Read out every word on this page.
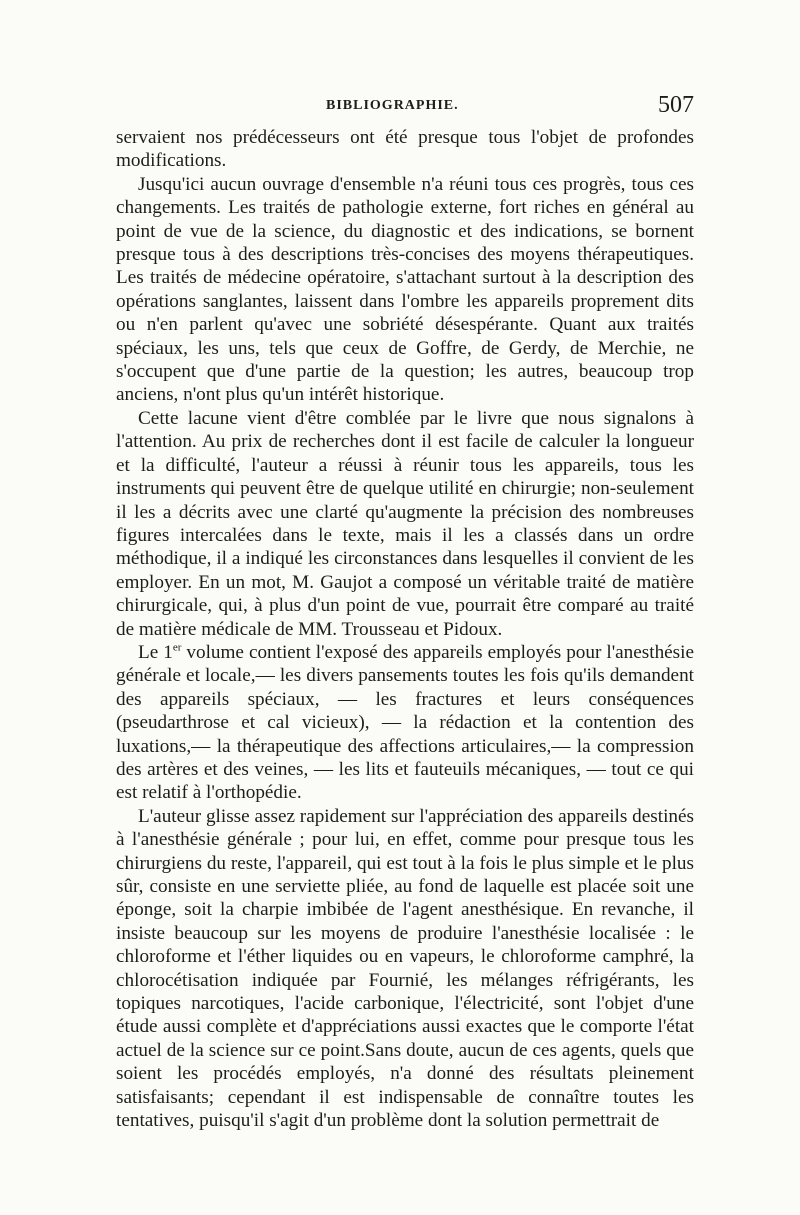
BIBLIOGRAPHIE.	507

servaient nos prédécesseurs ont été presque tous l'objet de profondes modifications.

Jusqu'ici aucun ouvrage d'ensemble n'a réuni tous ces progrès, tous ces changements. Les traités de pathologie externe, fort riches en général au point de vue de la science, du diagnostic et des indications, se bornent presque tous à des descriptions très-concises des moyens thérapeutiques. Les traités de médecine opératoire, s'attachant surtout à la description des opérations sanglantes, laissent dans l'ombre les appareils proprement dits ou n'en parlent qu'avec une sobriété désespérante. Quant aux traités spéciaux, les uns, tels que ceux de Goffre, de Gerdy, de Merchie, ne s'occupent que d'une partie de la question; les autres, beaucoup trop anciens, n'ont plus qu'un intérêt historique.

Cette lacune vient d'être comblée par le livre que nous signalons à l'attention. Au prix de recherches dont il est facile de calculer la longueur et la difficulté, l'auteur a réussi à réunir tous les appareils, tous les instruments qui peuvent être de quelque utilité en chirurgie; non-seulement il les a décrits avec une clarté qu'augmente la précision des nombreuses figures intercalées dans le texte, mais il les a classés dans un ordre méthodique, il a indiqué les circonstances dans lesquelles il convient de les employer. En un mot, M. Gaujot a composé un véritable traité de matière chirurgicale, qui, à plus d'un point de vue, pourrait être comparé au traité de matière médicale de MM. Trousseau et Pidoux.

Le 1er volume contient l'exposé des appareils employés pour l'anesthésie générale et locale,— les divers pansements toutes les fois qu'ils demandent des appareils spéciaux, — les fractures et leurs conséquences (pseudarthrose et cal vicieux), — la rédaction et la contention des luxations,— la thérapeutique des affections articulaires,— la compression des artères et des veines, — les lits et fauteuils mécaniques, — tout ce qui est relatif à l'orthopédie.

L'auteur glisse assez rapidement sur l'appréciation des appareils destinés à l'anesthésie générale ; pour lui, en effet, comme pour presque tous les chirurgiens du reste, l'appareil, qui est tout à la fois le plus simple et le plus sûr, consiste en une serviette pliée, au fond de laquelle est placée soit une éponge, soit la charpie imbibée de l'agent anesthésique. En revanche, il insiste beaucoup sur les moyens de produire l'anesthésie localisée : le chloroforme et l'éther liquides ou en vapeurs, le chloroforme camphré, la chlorocétisation indiquée par Fournié, les mélanges réfrigérants, les topiques narcotiques, l'acide carbonique, l'électricité, sont l'objet d'une étude aussi complète et d'appréciations aussi exactes que le comporte l'état actuel de la science sur ce point.Sans doute, aucun de ces agents, quels que soient les procédés employés, n'a donné des résultats pleinement satisfaisants; cependant il est indispensable de connaître toutes les tentatives, puisqu'il s'agit d'un problème dont la solution permettrait de
